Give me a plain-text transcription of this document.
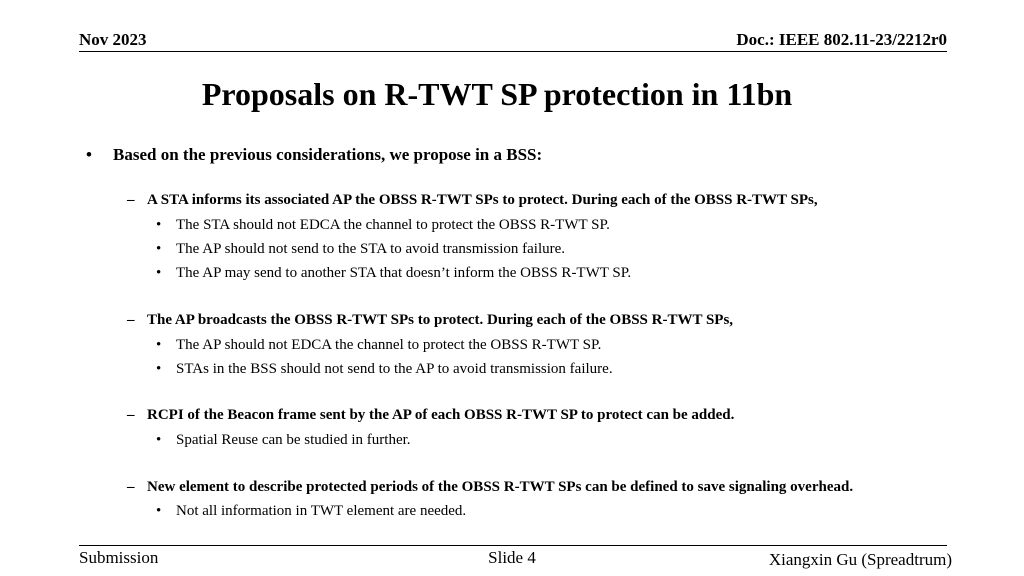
Nov 2023	Doc.: IEEE 802.11-23/2212r0
Proposals on R-TWT SP protection in 11bn
• Based on the previous considerations, we propose in a BSS:
– A STA informs its associated AP the OBSS R-TWT SPs to protect. During each of the OBSS R-TWT SPs,
• The STA should not EDCA the channel to protect the OBSS R-TWT SP.
• The AP should not send to the STA to avoid transmission failure.
• The AP may send to another STA that doesn’t inform the OBSS R-TWT SP.
– The AP broadcasts the OBSS R-TWT SPs to protect. During each of the OBSS R-TWT SPs,
• The AP should not EDCA the channel to protect the OBSS R-TWT SP.
• STAs in the BSS should not send to the AP to avoid transmission failure.
– RCPI of the Beacon frame sent by the AP of each OBSS R-TWT SP to protect can be added.
• Spatial Reuse can be studied in further.
– New element to describe protected periods of the OBSS R-TWT SPs can be defined to save signaling overhead.
• Not all information in TWT element are needed.
Submission	Slide 4	Xiangxin Gu (Spreadtrum)
